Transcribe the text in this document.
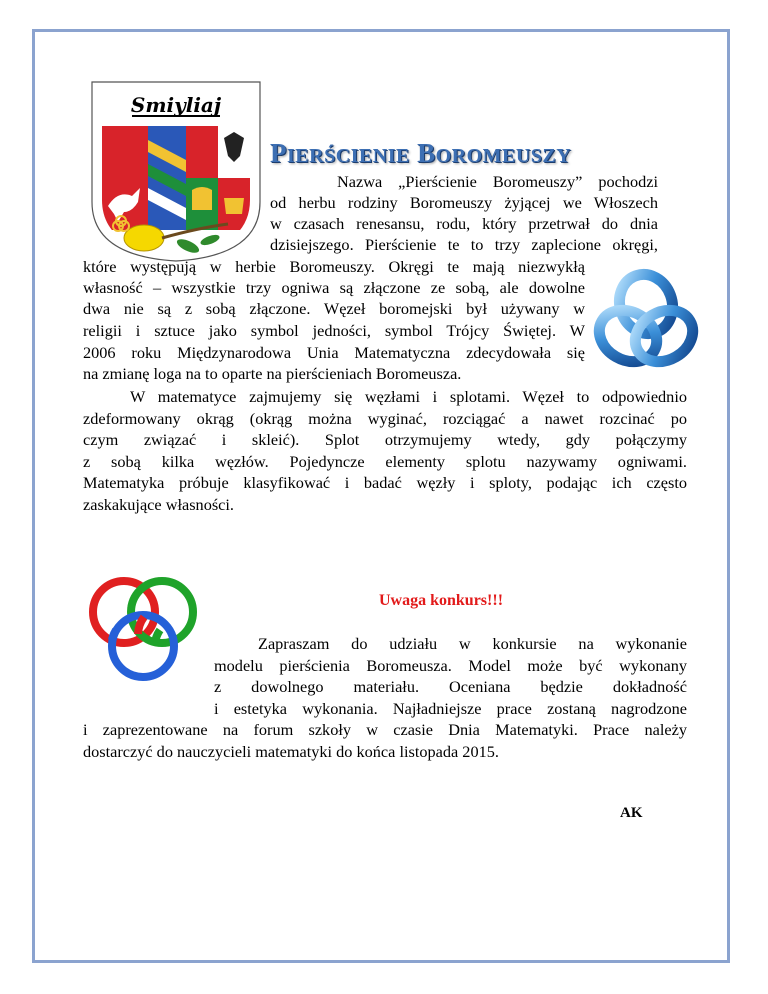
Smiyliaj
PIERŚCIENIE BOROMEUSZY
Nazwa „Pierścienie Boromeuszy” pochodzi
od herbu rodziny Boromeuszy żyjącej we Włoszech
w czasach renesansu, rodu, który przetrwał do dnia
dzisiejszego. Pierścienie te to trzy zaplecione okręgi,
które występują w herbie Boromeuszy. Okręgi te mają niezwykłą
własność – wszystkie trzy ogniwa są złączone ze sobą, ale dowolne
dwa nie są z sobą złączone. Węzeł boromejski był używany w
religii i sztuce jako symbol jedności, symbol Trójcy Świętej. W
2006 roku Międzynarodowa Unia Matematyczna zdecydowała się
na zmianę loga na to oparte na pierścieniach Boromeusza.
W matematyce zajmujemy się węzłami i splotami. Węzeł to odpowiednio
zdeformowany okrąg (okrąg można wyginać, rozciągać a nawet rozcinać po
czym związać i skleić). Splot otrzymujemy wtedy, gdy połączymy
z sobą kilka węzłów. Pojedyncze elementy splotu nazywamy ogniwami.
Matematyka próbuje klasyfikować i badać węzły i sploty, podając ich często
zaskakujące własności.
Uwaga konkurs!!!
Zapraszam do udziału w konkursie na wykonanie
modelu pierścienia Boromeusza. Model może być wykonany
z dowolnego materiału. Oceniana będzie dokładność
i estetyka wykonania. Najładniejsze prace zostaną nagrodzone
i zaprezentowane na forum szkoły w czasie Dnia Matematyki. Prace należy
dostarczyć do nauczycieli matematyki do końca listopada 2015.
AK
